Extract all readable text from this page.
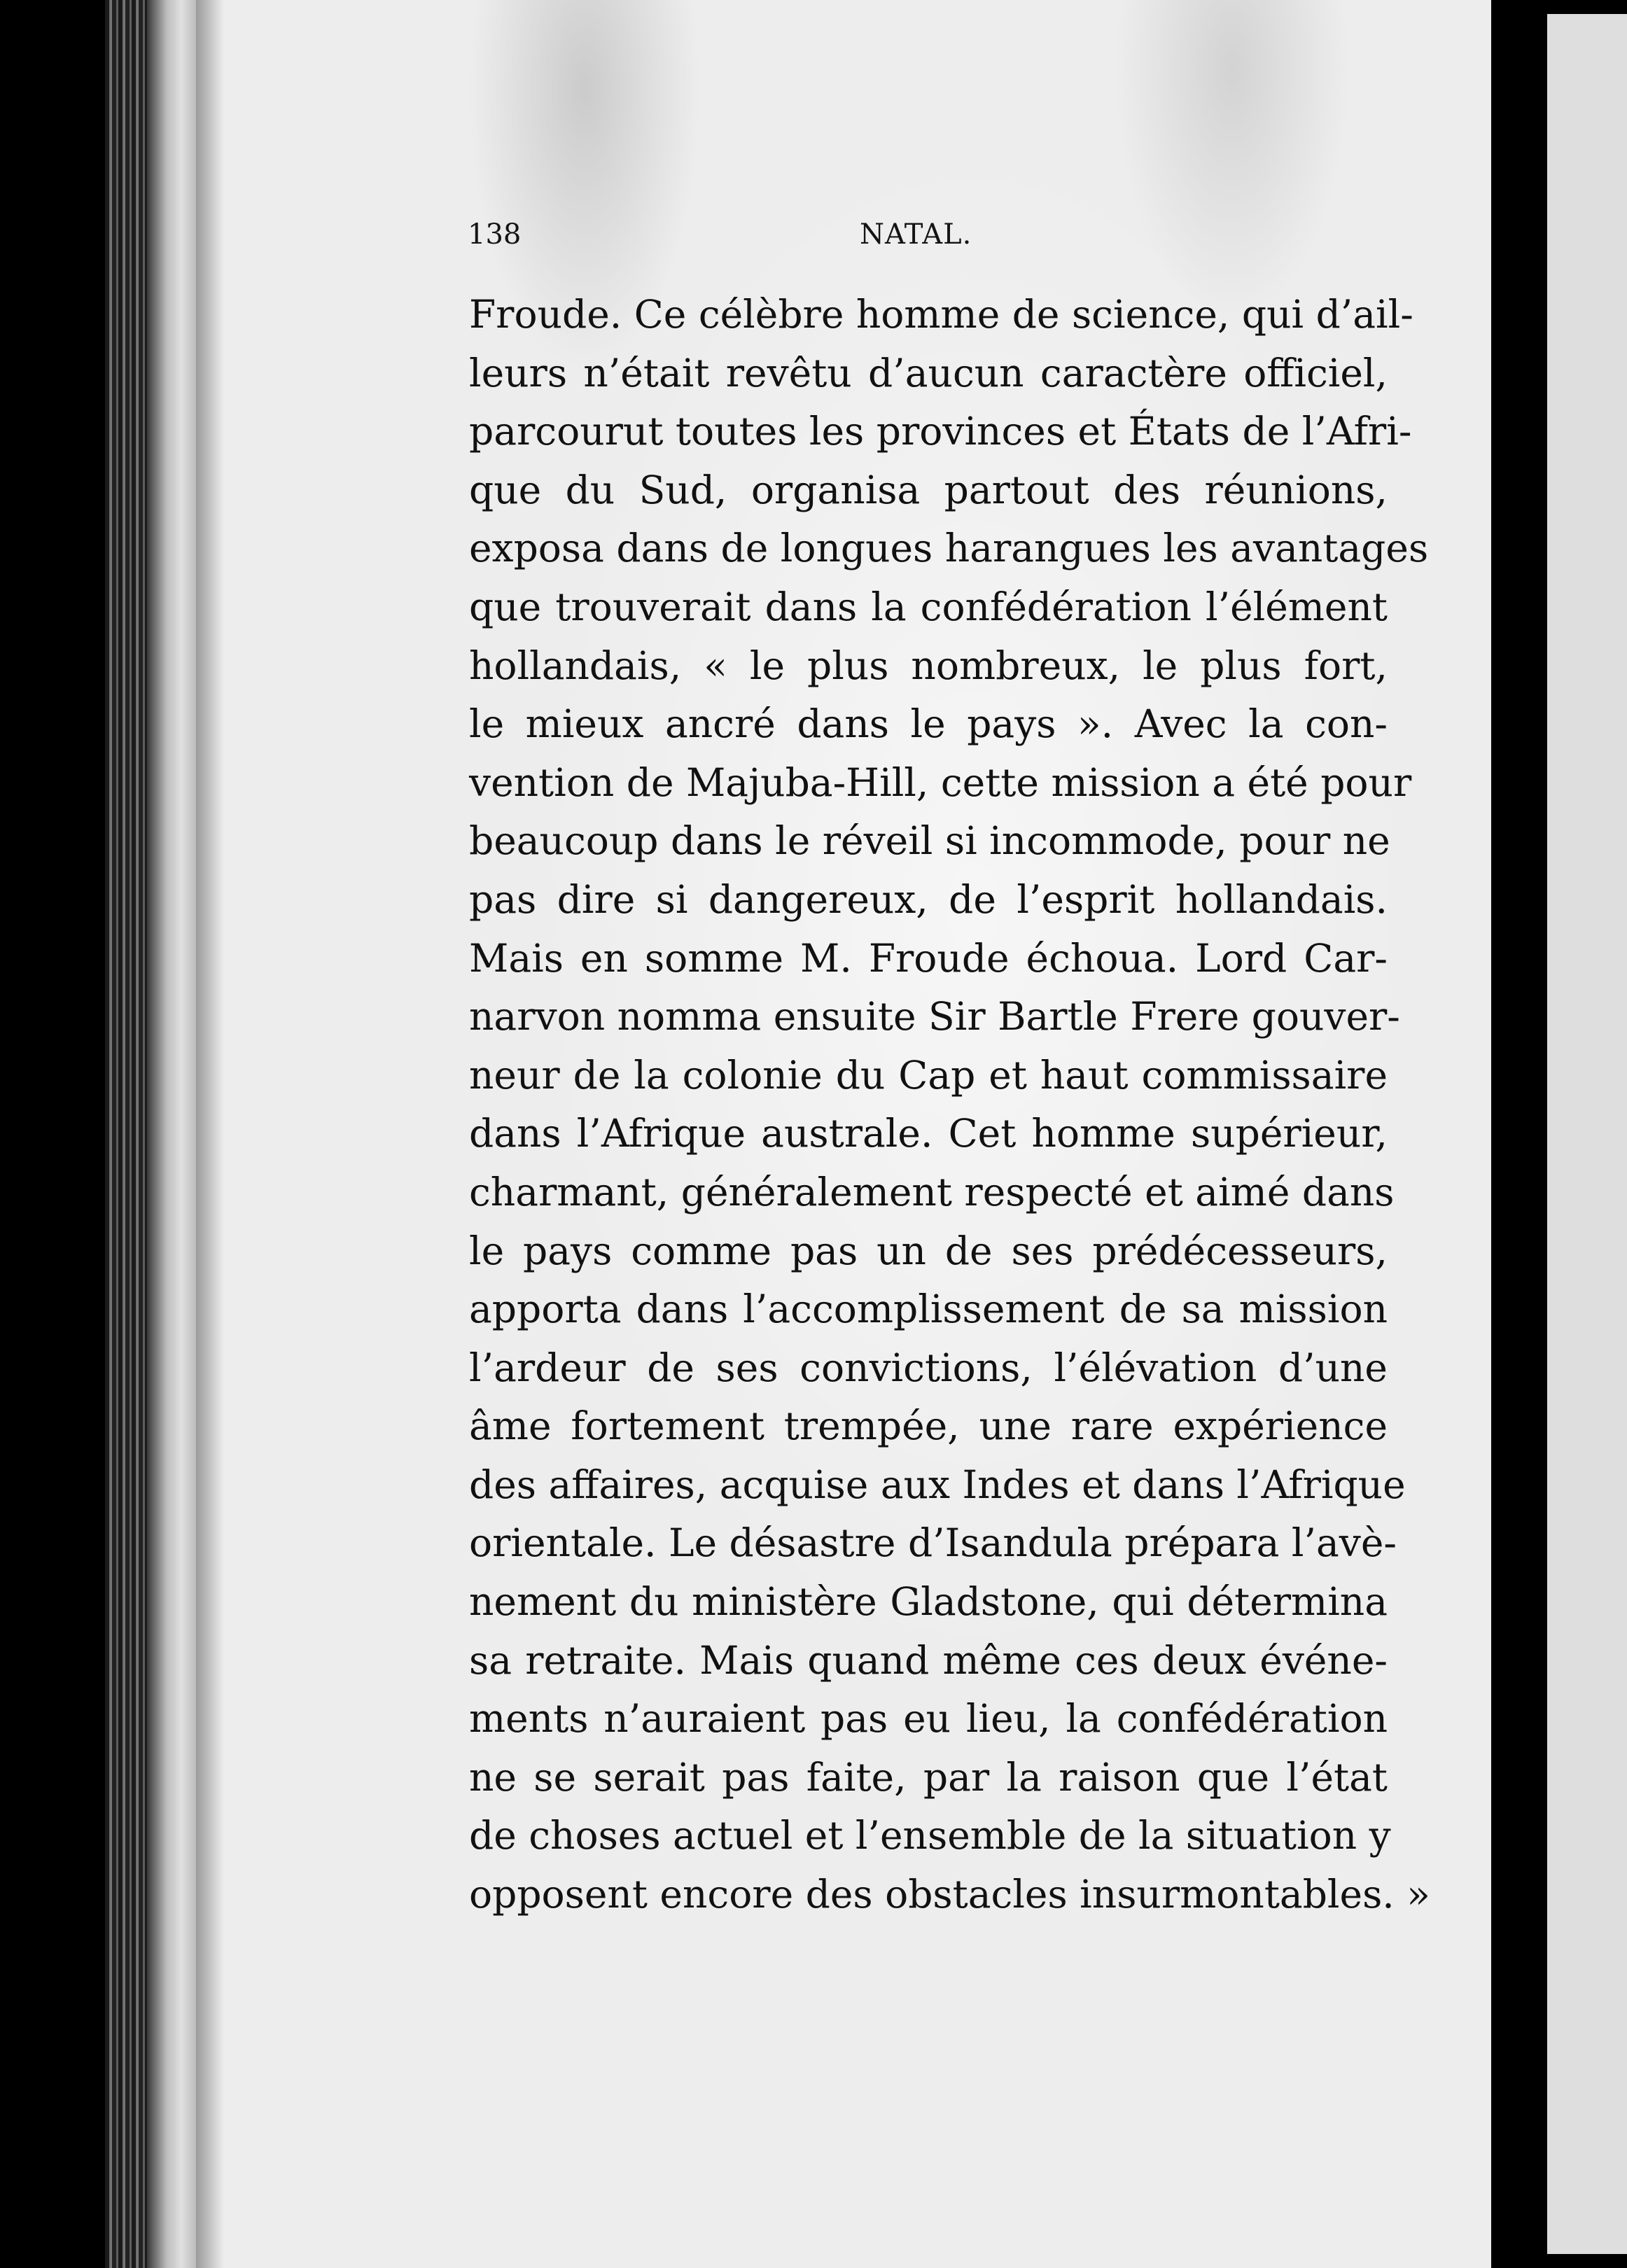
138	NATAL.
Froude. Ce célèbre homme de science, qui d’ail-
leurs n’était revêtu d’aucun caractère officiel,
parcourut toutes les provinces et États de l’Afri-
que du Sud, organisa partout des réunions,
exposa dans de longues harangues les avantages
que trouverait dans la confédération l’élément
hollandais, « le plus nombreux, le plus fort,
le mieux ancré dans le pays ». Avec la con-
vention de Majuba-Hill, cette mission a été pour
beaucoup dans le réveil si incommode, pour ne
pas dire si dangereux, de l’esprit hollandais.
Mais en somme M. Froude échoua. Lord Car-
narvon nomma ensuite Sir Bartle Frere gouver-
neur de la colonie du Cap et haut commissaire
dans l’Afrique australe. Cet homme supérieur,
charmant, généralement respecté et aimé dans
le pays comme pas un de ses prédécesseurs,
apporta dans l’accomplissement de sa mission
l’ardeur de ses convictions, l’élévation d’une
âme fortement trempée, une rare expérience
des affaires, acquise aux Indes et dans l’Afrique
orientale. Le désastre d’Isandula prépara l’avè-
nement du ministère Gladstone, qui détermina
sa retraite. Mais quand même ces deux événe-
ments n’auraient pas eu lieu, la confédération
ne se serait pas faite, par la raison que l’état
de choses actuel et l’ensemble de la situation y
opposent encore des obstacles insurmontables. »
